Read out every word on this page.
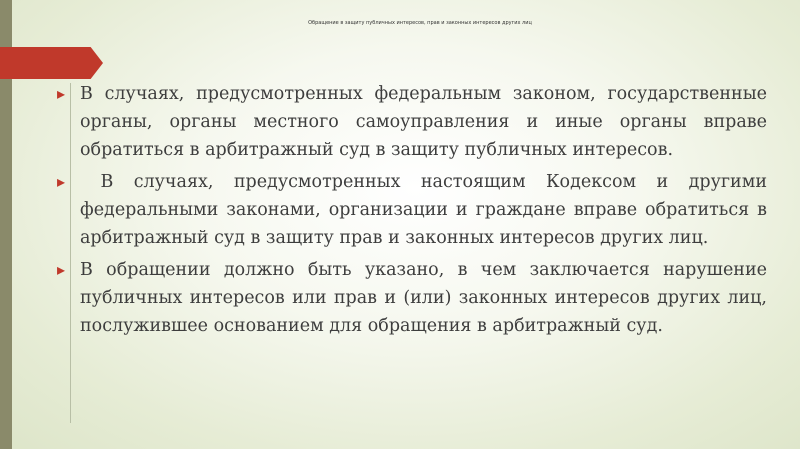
Обращение в защиту публичных интересов, прав и законных интересов других лиц
▸ В случаях, предусмотренных федеральным законом, государственные органы, органы местного самоуправления и иные органы вправе обратиться в арбитражный суд в защиту публичных интересов.
▸ В случаях, предусмотренных настоящим Кодексом и другими федеральными законами, организации и граждане вправе обратиться в арбитражный суд в защиту прав и законных интересов других лиц.
▸ В обращении должно быть указано, в чем заключается нарушение публичных интересов или прав и (или) законных интересов других лиц, послужившее основанием для обращения в арбитражный суд.
